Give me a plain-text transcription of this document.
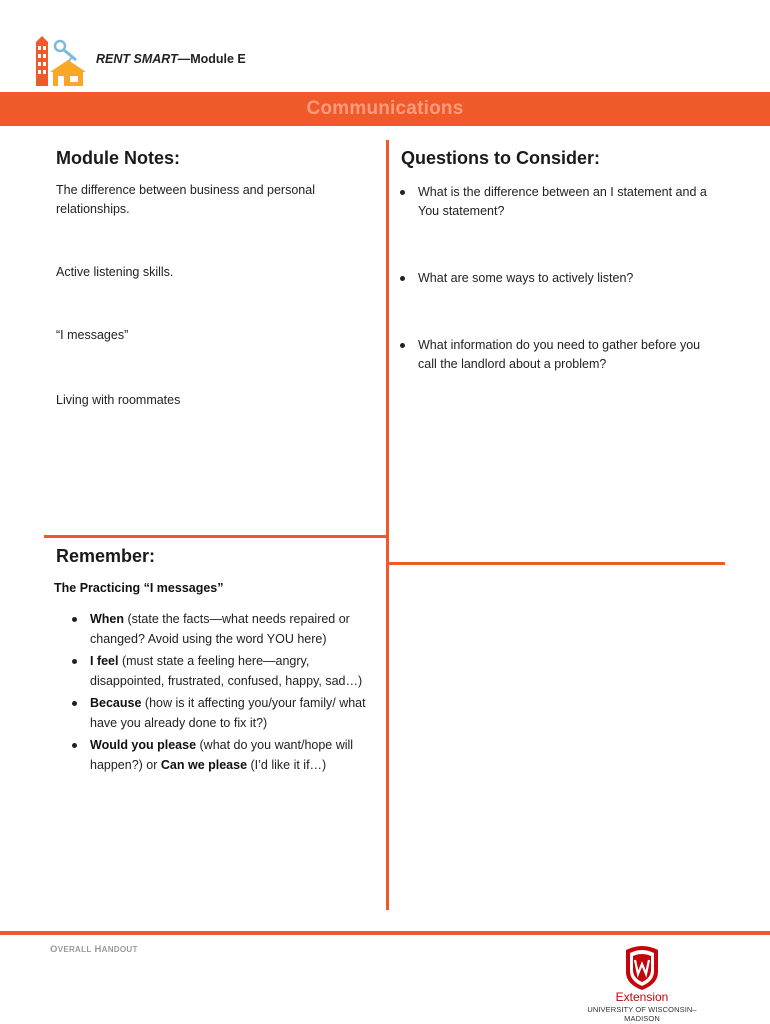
RENT SMART—Module E
Communications
Module Notes:
The difference between business and personal relationships.
Active listening skills.
“I messages”
Living with roommates
Questions to Consider:
What is the difference between an I statement and a You statement?
What are some ways to actively listen?
What information do you need to gather before you call the landlord about a problem?
Remember:
The Practicing “I messages”
When (state the facts—what needs repaired or changed? Avoid using the word YOU here)
I feel (must state a feeling here—angry, disappointed, frustrated, confused, happy, sad…)
Because (how is it affecting you/your family/ what have you already done to fix it?)
Would you please (what do you want/hope will happen?) or Can we please (I’d like it if…)
OVERALL HANDOUT
Extension
UNIVERSITY OF WISCONSIN–MADISON
